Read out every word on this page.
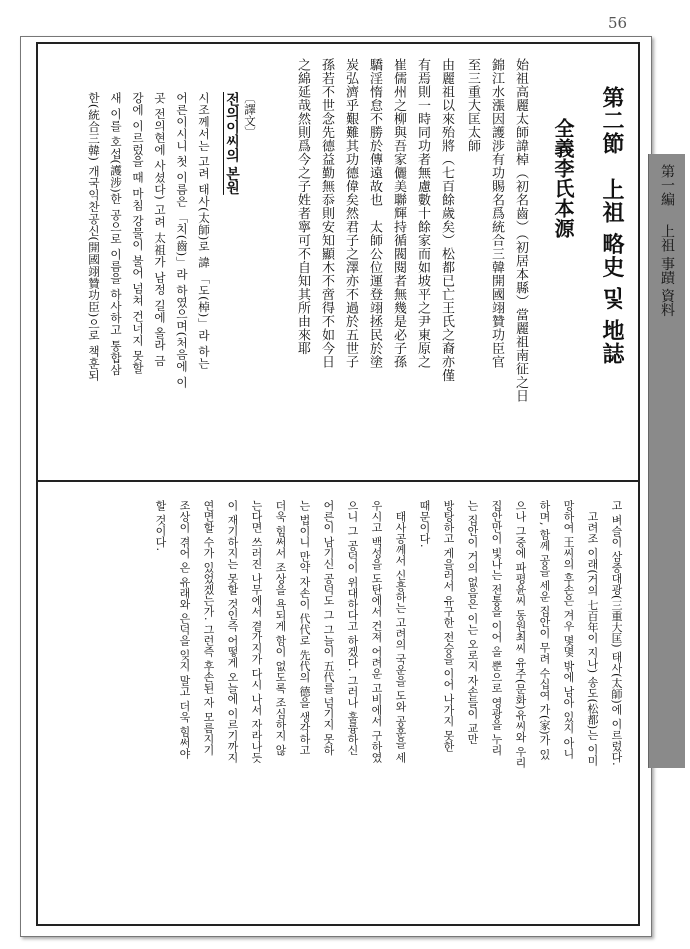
56
第一編
上祖 事蹟 資料
第二節　上祖 略史 및 地誌
全義李氏本源
始祖高麗太師諱棹（初名齒）（初居本縣）當麗祖南征之日
錦江水漲因護涉有功賜名爲統合三韓開國翊贊功臣官
至三重大匡太師
由麗祖以來殆將（七百餘歲矣）松都已亡王氏之裔亦僅
有焉則一時同功者無慮數十餘家而如坡平之尹東原之
崔儒州之柳與吾家儷美聯輝持循閥閱者無幾是必子孫
驕淫惰怠不勝於傳遠故也　太師公位運登翊拯民於塗
炭弘濟乎艱難其功德偉矣然君子之澤亦不過於五世子
孫若不世念先德益勤無忝則安知顯木不啻得不如今日
之綿延哉然則爲今之子姓者寧可不自知其所由來耶
〔譯文〕
전의이씨의 본원
시조께서는 고려 태사(太師)로 諱 「도(棹)」라 하는
어른이시니 첫 이름은 「치(齒)」라 하였으며(처음에 이
곳 전의현에 사셨다) 고려 太祖가 남정 길에 올라 금
강에 이르렀을 때 마침 강물이 불어 넘쳐 건너지 못할
새 이를 호섭(護涉)한 공으로 이름을 하사하고 통합삼
한(統合三韓) 개국익찬공신(開國翊贊功臣)으로 책훈되
고 벼슬이 삼중대광(三重大匡) 태사(太師)에 이르렀다.
　고려조 이래(거의 七百年이 지나) 송도(松都)는 이미
망하여 王씨의 후손은 겨우 몇몇 밖에 남아 있지 아니
하며, 함께 공을 세운 집안이 무려 수십여 가(家)가 있
으나 그중에 파평윤씨 동원최씨 유주(문화)유씨와 우리
집안만이 빛나는 전통을 이어 올 뿐으로 영광을 누리
는 집안이 거의 없음은 이는 오로지 자손들이 교만
방탕하고 게을러서 유구한 전승을 이어 나가지 못한
때문이다.
　태사공께서 신흥하는 고려의 국운을 도와 공훈을 세
우시고 백성을 도탄에서 건져 어려운 고비에서 구하였
으니 그 공덕이 위대하다고 하겠다. 그러나 훌륭하신
어른이 남기신 공덕도 그 그늘이 五代를 넘기지 못하
는 법이니 만약 자손이 代代로 先代의 德을 생각하고
더욱 힘써서 조상을 욕되게 함이 없도록 조심하지 않
는다면 쓰러진 나무에서 곁가지가 다시 나서 자라나듯
이 재기하지는 못할 것인즉 어떻게 오늘에 이르기까지
연면할 수가 있었겠는가. 그런즉 후손된 자 모름지기
조상이 겪어 온 유래와 은덕을 잊지 말고 더욱 힘써야
할 것이다.
